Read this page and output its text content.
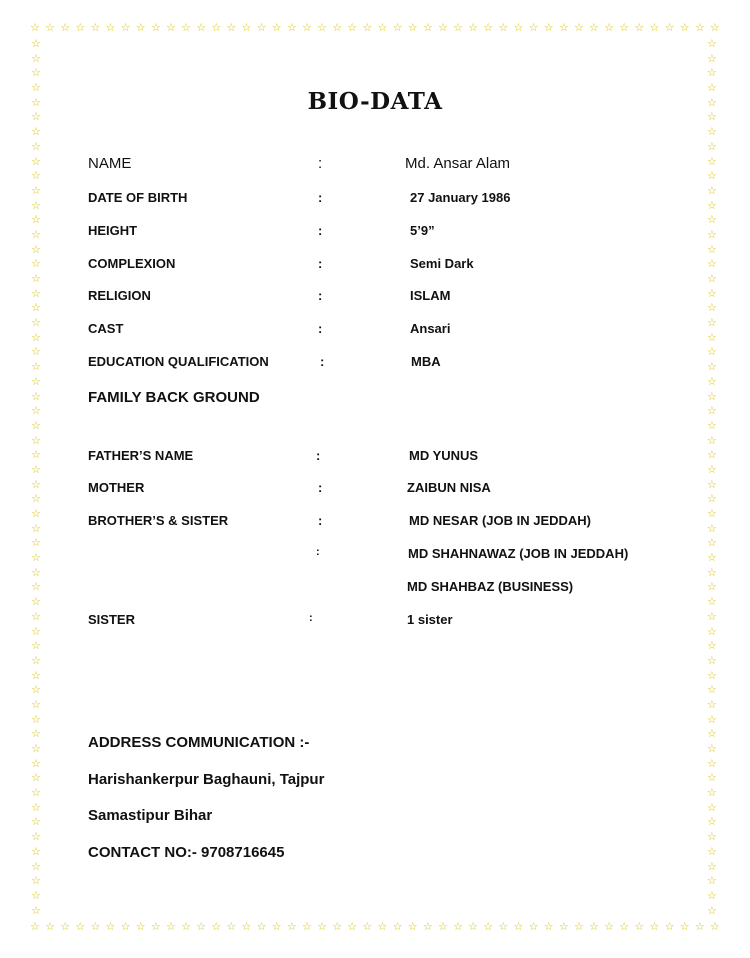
☆ ☆ ☆ ☆ ☆ ☆ ☆ ☆ ☆ ☆ ☆ ☆ ☆ ☆ ☆ ☆ ☆ ☆ ☆ ☆ ☆ ☆ ☆ ☆ ☆ ☆ ☆ ☆ ☆ ☆ ☆ ☆ ☆ ☆ ☆ ☆ ☆ ☆ ☆ ☆ ☆ ☆ ☆ ☆ ☆ ☆
☆ ☆ ☆ ☆ ☆ ☆ ☆ ☆ ☆ ☆ ☆ ☆ ☆ ☆ ☆ ☆ ☆ ☆ ☆ ☆ ☆ ☆ ☆ ☆ ☆ ☆ ☆ ☆ ☆ ☆ ☆ ☆ ☆ ☆ ☆ ☆ ☆ ☆ ☆ ☆ ☆ ☆ ☆ ☆ ☆ ☆
☆
☆
☆
☆
☆
☆
☆
☆
☆
☆
☆
☆
☆
☆
☆
☆
☆
☆
☆
☆
☆
☆
☆
☆
☆
☆
☆
☆
☆
☆
☆
☆
☆
☆
☆
☆
☆
☆
☆
☆
☆
☆
☆
☆
☆
☆
☆
☆
☆
☆
☆
☆
☆
☆
☆
☆
☆
☆
☆
☆
☆
☆
☆
☆
☆
☆
☆
☆
☆
☆
☆
☆
☆
☆
☆
☆
☆
☆
☆
☆
☆
☆
☆
☆
☆
☆
☆
☆
☆
☆
☆
☆
☆
☆
☆
☆
☆
☆
☆
☆
☆
☆
☆
☆
☆
☆
☆
☆
☆
☆
☆
☆
☆
☆
☆
☆
☆
☆
☆
☆
BIO-DATA
NAME	:	Md. Ansar Alam
DATE OF BIRTH	:	27 January 1986
HEIGHT	:	5’9”
COMPLEXION	:	Semi Dark
RELIGION	:	ISLAM
CAST	:	Ansari
EDUCATION QUALIFICATION	:	MBA
FAMILY BACK GROUND
FATHER’S NAME	:	MD YUNUS
MOTHER	:	ZAIBUN NISA
BROTHER’S & SISTER	:	MD NESAR (JOB IN JEDDAH)
:	MD SHAHNAWAZ (JOB IN JEDDAH)
MD SHAHBAZ (BUSINESS)
SISTER	:	1 sister
ADDRESS COMMUNICATION :-
Harishankerpur Baghauni, Tajpur
Samastipur Bihar
CONTACT NO:- 9708716645
